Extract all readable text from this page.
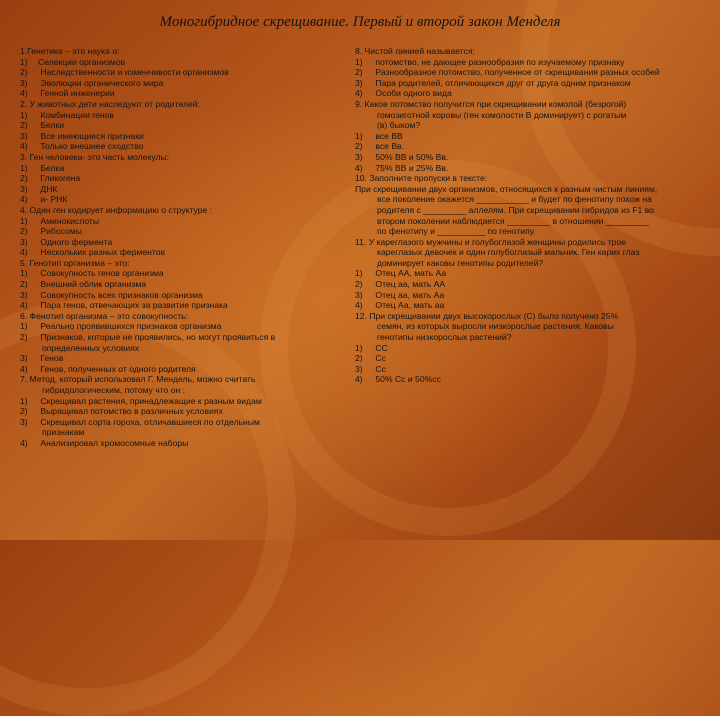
Моногибридное скрещивание. Первый и второй закон Менделя
1.Генетика – это наука о:
1) Селекции организмов
2) Наследственности и изменчивости организмов
3) Эволюции органического мира
4) Генной инженерии
2. У животных дети наследуют от родителей:
1) Комбинации генов
2) Белки
3) Все имеющиеся признаки
4) Только внешнее сходство
3. Ген человека- это часть молекулы:
1) Белка
2) Гликогена
3) ДНК
4) и- РНК
4. Один ген кодирует информацию о структуре :
1) Аминокислоты
2) Рибосомы
3) Одного фермента
4) Нескольких разных ферментов
5. Генотип организма – это:
1) Совокупность генов организма
2) Внешний облик организма
3) Совокупность всех признаков организма
4) Пара генов, отвечающих за развитие признака
6. Фенотип организма – это совокупность:
1) Реально проявившихся признаков организма
2) Признаков, которые не проявились, но могут проявиться в
определенных условиях
3) Генов
4) Генов, полученных от одного родителя
7. Метод, который использовал Г. Мендель, можно считать
гибридологическим, потому что он :
1) Скрещивал растения, принадлежащие к разным видам
2) Выращивал потомство в различных условиях
3) Скрещивал сорта гороха, отличавшиеся по отдельным
признакам
4) Анализировал хромосомные наборы
8. Чистой линией называется:
1) потомство, не дающее разнообразия по изучаемому признаку
2) Разнообразное потомство, полученное от скрещивания разных особей
3) Пара родителей, отличающихся друг от друга одним признаком
4) Особи одного вида
9. Какое потомство получится при скрещивании комолой (безрогой)
гомозиготной коровы (ген комолости В доминирует) с рогатым
(в) быком?
1) все ВВ
2) все Вв.
3) 50% ВВ и 50% Вв.
4) 75% ВВ и 25% Вв.
10. Заполните пропуски в тексте:
При скрещивании двух организмов, относящихся к разным чистым линиям,
все поколение окажется ___________ и будет по фенотипу похож на
родителя с _________ аллелям. При скрещивании гибридов из F1 во
втором поколении наблюдается _________ в отношении _________
по фенотипу и __________ по генотипу.
11. У кареглазого мужчины и голубоглазой женщины родились трое
кареглазых девочек и один голубоглазый мальчик. Ген карих глаз
доминирует каковы генотипы родителей?
1) Отец АА, мать Аа
2) Отец аа, мать АА
3) Отец аа, мать Аа
4) Отец Аа, мать аа
12. При скрещивании двух высокорослых (С) было получено 25%
семян, из которых выросли низкорослые растения. Каковы
генотипы низкорослых растений?
1) СС
2) Сс
3) Сс
4) 50% Сс и 50%сс
